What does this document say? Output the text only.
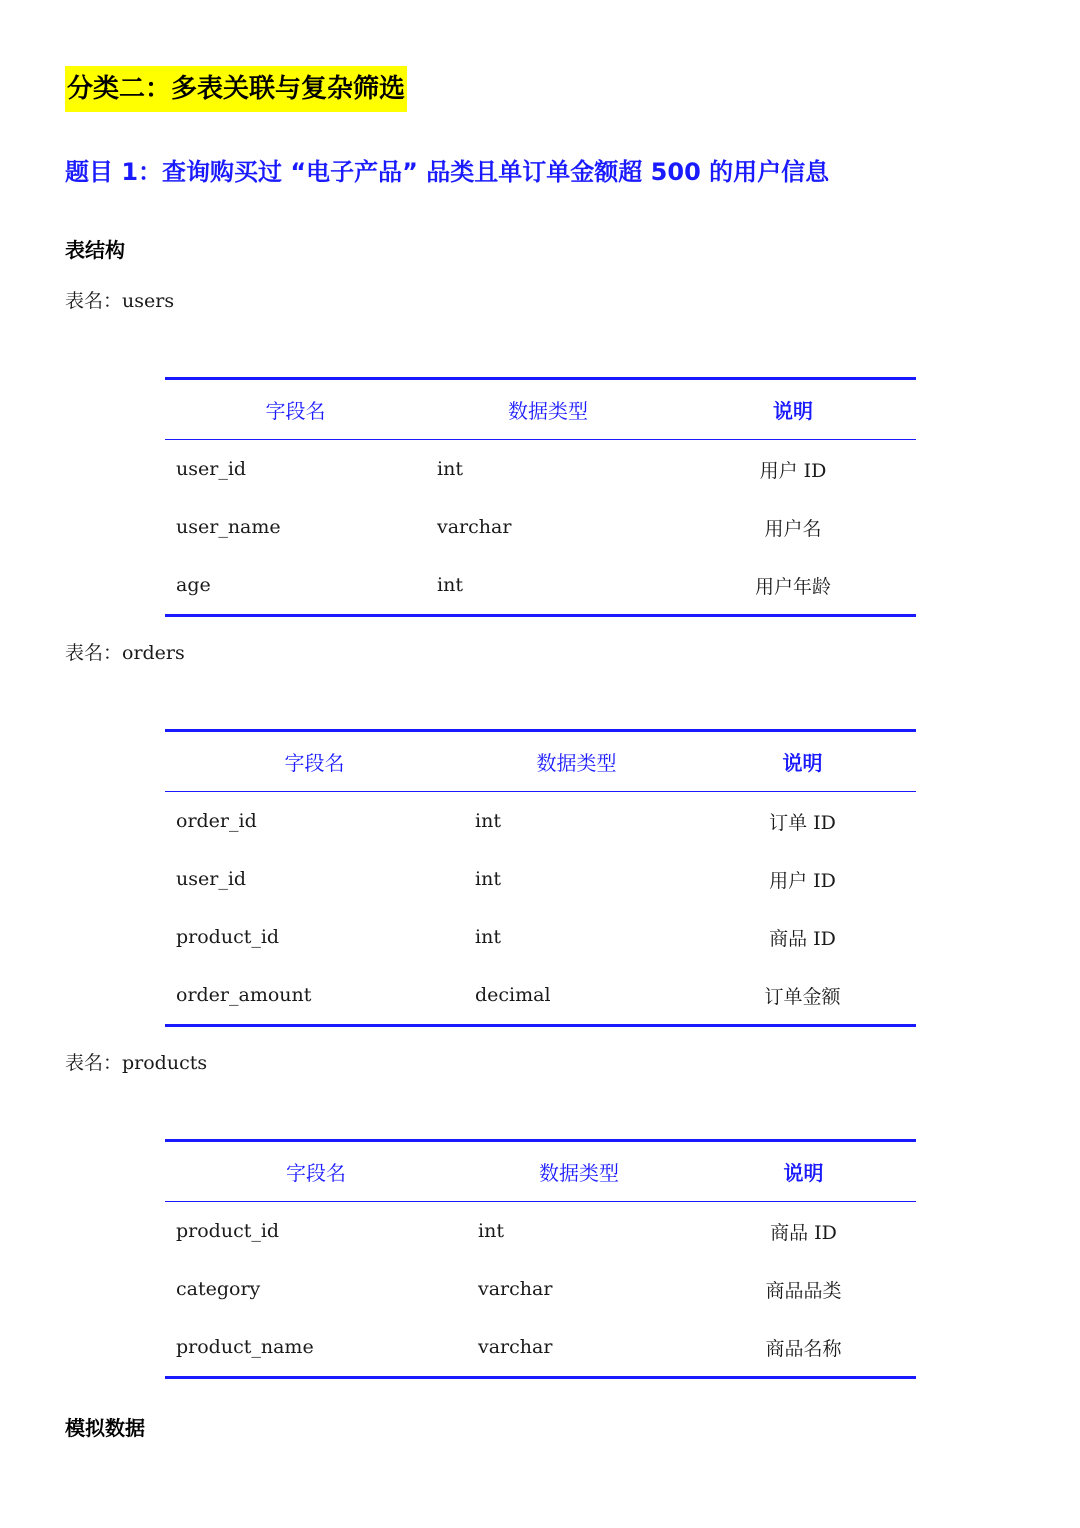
分类二：多表关联与复杂筛选
题目 1：查询购买过 “电子产品” 品类且单订单金额超 500 的用户信息
表结构
表名：users
字段名	数据类型	说明
user_id	int	用户 ID
user_name	varchar	用户名
age	int	用户年龄
表名：orders
字段名	数据类型	说明
order_id	int	订单 ID
user_id	int	用户 ID
product_id	int	商品 ID
order_amount	decimal	订单金额
表名：products
字段名	数据类型	说明
product_id	int	商品 ID
category	varchar	商品品类
product_name	varchar	商品名称
模拟数据
